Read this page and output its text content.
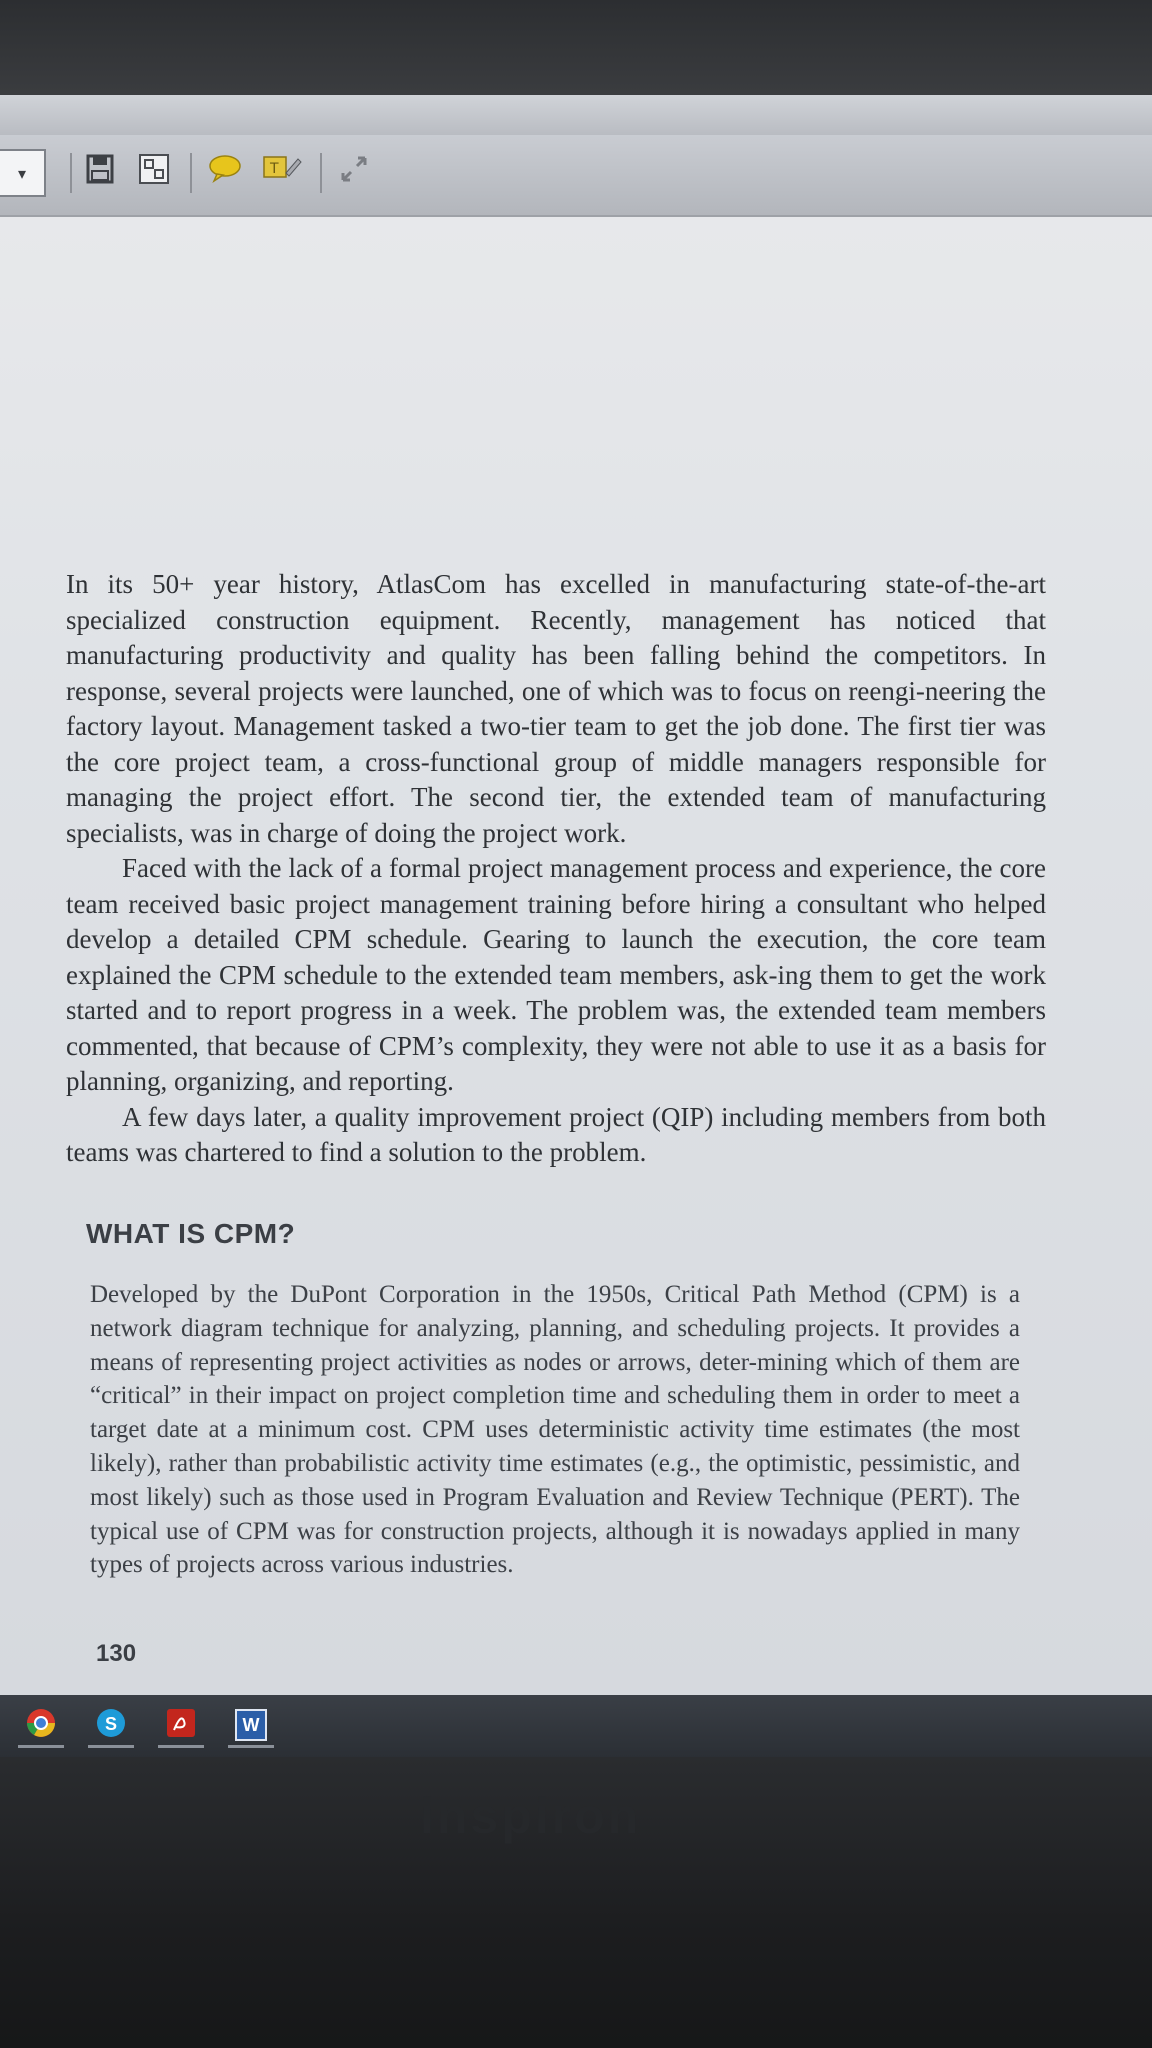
▾	T

In its 50+ year history, AtlasCom has excelled in manufacturing state-of-the-art specialized construction equipment. Recently, management has noticed that manufacturing productivity and quality has been falling behind the competitors. In response, several projects were launched, one of which was to focus on reengi-neering the factory layout. Management tasked a two-tier team to get the job done. The first tier was the core project team, a cross-functional group of middle managers responsible for managing the project effort. The second tier, the extended team of manufacturing specialists, was in charge of doing the project work.

Faced with the lack of a formal project management process and experience, the core team received basic project management training before hiring a consultant who helped develop a detailed CPM schedule. Gearing to launch the execution, the core team explained the CPM schedule to the extended team members, ask-ing them to get the work started and to report progress in a week. The problem was, the extended team members commented, that because of CPM’s complexity, they were not able to use it as a basis for planning, organizing, and reporting.

A few days later, a quality improvement project (QIP) including members from both teams was chartered to find a solution to the problem.

WHAT IS CPM?

Developed by the DuPont Corporation in the 1950s, Critical Path Method (CPM) is a network diagram technique for analyzing, planning, and scheduling projects. It provides a means of representing project activities as nodes or arrows, deter-mining which of them are “critical” in their impact on project completion time and scheduling them in order to meet a target date at a minimum cost. CPM uses deterministic activity time estimates (the most likely), rather than probabilistic activity time estimates (e.g., the optimistic, pessimistic, and most likely) such as those used in Program Evaluation and Review Technique (PERT). The typical use of CPM was for construction projects, although it is nowadays applied in many types of projects across various industries.

130
S	W
inspiron
